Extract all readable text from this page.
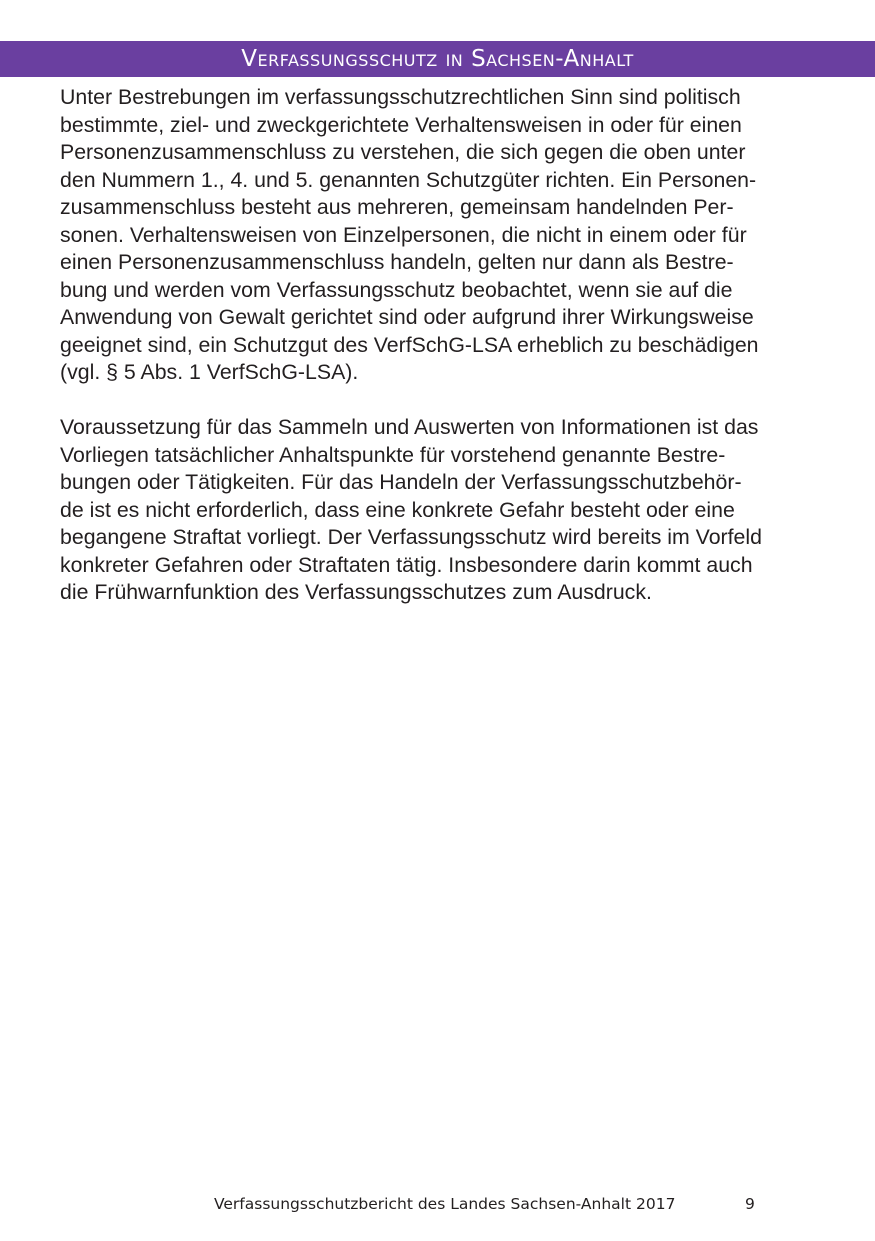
Verfassungsschutz in Sachsen-Anhalt

Unter Bestrebungen im verfassungsschutzrechtlichen Sinn sind politisch
bestimmte, ziel- und zweckgerichtete Verhaltensweisen in oder für einen
Personenzusammenschluss zu verstehen, die sich gegen die oben unter
den Nummern 1., 4. und 5. genannten Schutzgüter richten. Ein Personen-
zusammenschluss besteht aus mehreren, gemeinsam handelnden Per-
sonen. Verhaltensweisen von Einzelpersonen, die nicht in einem oder für
einen Personenzusammenschluss handeln, gelten nur dann als Bestre-
bung und werden vom Verfassungsschutz beobachtet, wenn sie auf die
Anwendung von Gewalt gerichtet sind oder aufgrund ihrer Wirkungsweise
geeignet sind, ein Schutzgut des VerfSchG-LSA erheblich zu beschädigen
(vgl. § 5 Abs. 1 VerfSchG-LSA).

Voraussetzung für das Sammeln und Auswerten von Informationen ist das
Vorliegen tatsächlicher Anhaltspunkte für vorstehend genannte Bestre-
bungen oder Tätigkeiten. Für das Handeln der Verfassungsschutzbehör-
de ist es nicht erforderlich, dass eine konkrete Gefahr besteht oder eine
begangene Straftat vorliegt. Der Verfassungsschutz wird bereits im Vorfeld
konkreter Gefahren oder Straftaten tätig. Insbesondere darin kommt auch
die Frühwarnfunktion des Verfassungsschutzes zum Ausdruck.

Verfassungsschutzbericht des Landes Sachsen-Anhalt 2017	9
